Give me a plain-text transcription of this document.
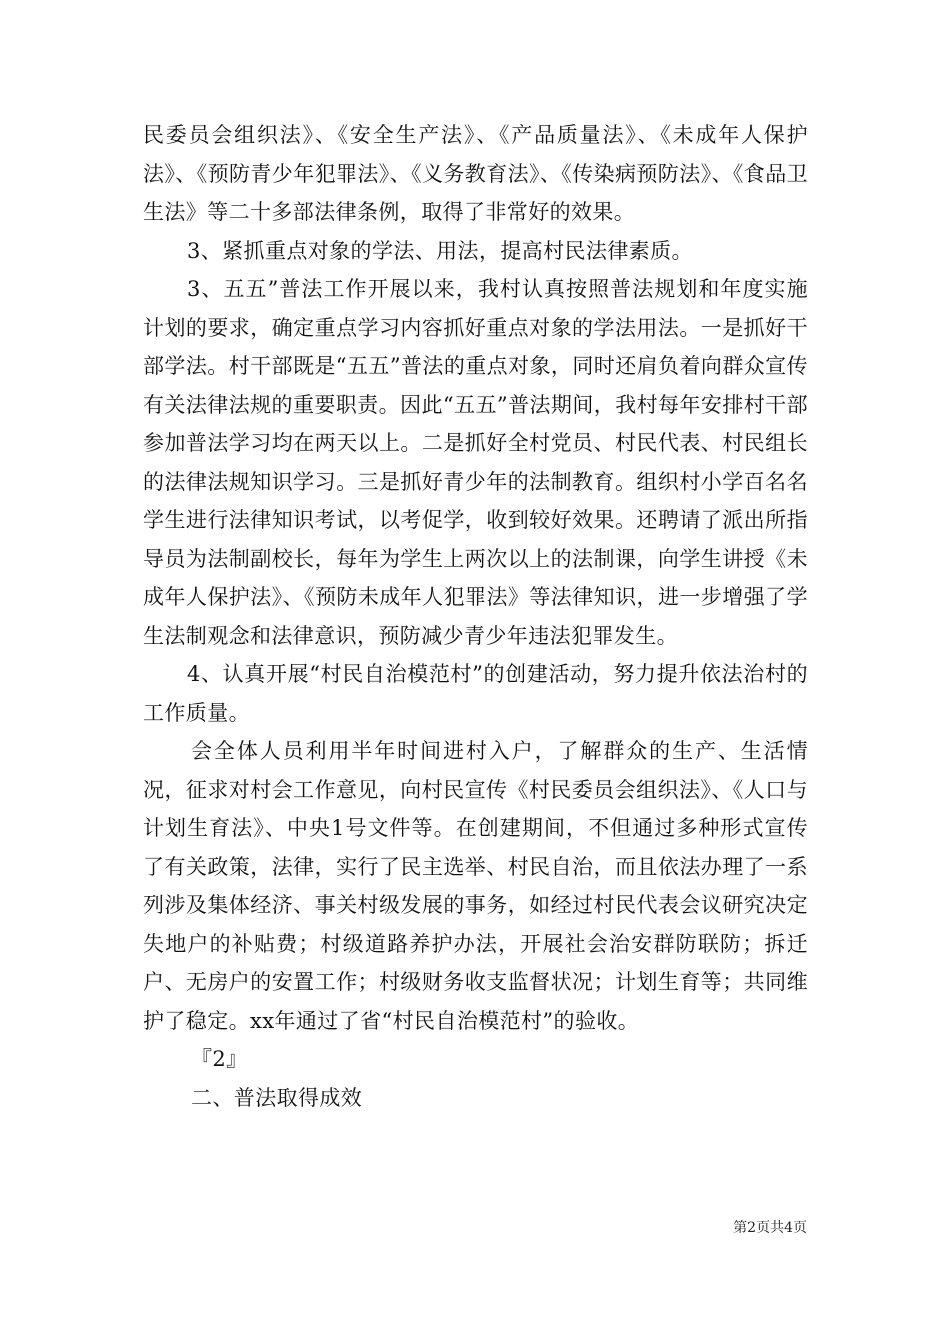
民委员会组织法》、《安全生产法》、《产品质量法》、《未成年人保护法》、《预防青少年犯罪法》、《义务教育法》、《传染病预防法》、《食品卫生法》等二十多部法律条例，取得了非常好的效果。

3、紧抓重点对象的学法、用法，提高村民法律素质。

3、五五”普法工作开展以来，我村认真按照普法规划和年度实施计划的要求，确定重点学习内容抓好重点对象的学法用法。一是抓好干部学法。村干部既是“五五”普法的重点对象，同时还肩负着向群众宣传有关法律法规的重要职责。因此“五五”普法期间，我村每年安排村干部参加普法学习均在两天以上。二是抓好全村党员、村民代表、村民组长的法律法规知识学习。三是抓好青少年的法制教育。组织村小学百名名学生进行法律知识考试，以考促学，收到较好效果。还聘请了派出所指导员为法制副校长，每年为学生上两次以上的法制课，向学生讲授《未成年人保护法》、《预防未成年人犯罪法》等法律知识，进一步增强了学生法制观念和法律意识，预防减少青少年违法犯罪发生。

4、认真开展“村民自治模范村”的创建活动，努力提升依法治村的工作质量。

会全体人员利用半年时间进村入户，了解群众的生产、生活情况，征求对村会工作意见，向村民宣传《村民委员会组织法》、《人口与计划生育法》、中央1号文件等。在创建期间，不但通过多种形式宣传了有关政策，法律，实行了民主选举、村民自治，而且依法办理了一系列涉及集体经济、事关村级发展的事务，如经过村民代表会议研究决定失地户的补贴费；村级道路养护办法，开展社会治安群防联防；拆迁户、无房户的安置工作；村级财务收支监督状况；计划生育等；共同维护了稳定。xx年通过了省“村民自治模范村”的验收。

『2』

二、普法取得成效

第2页共4页
